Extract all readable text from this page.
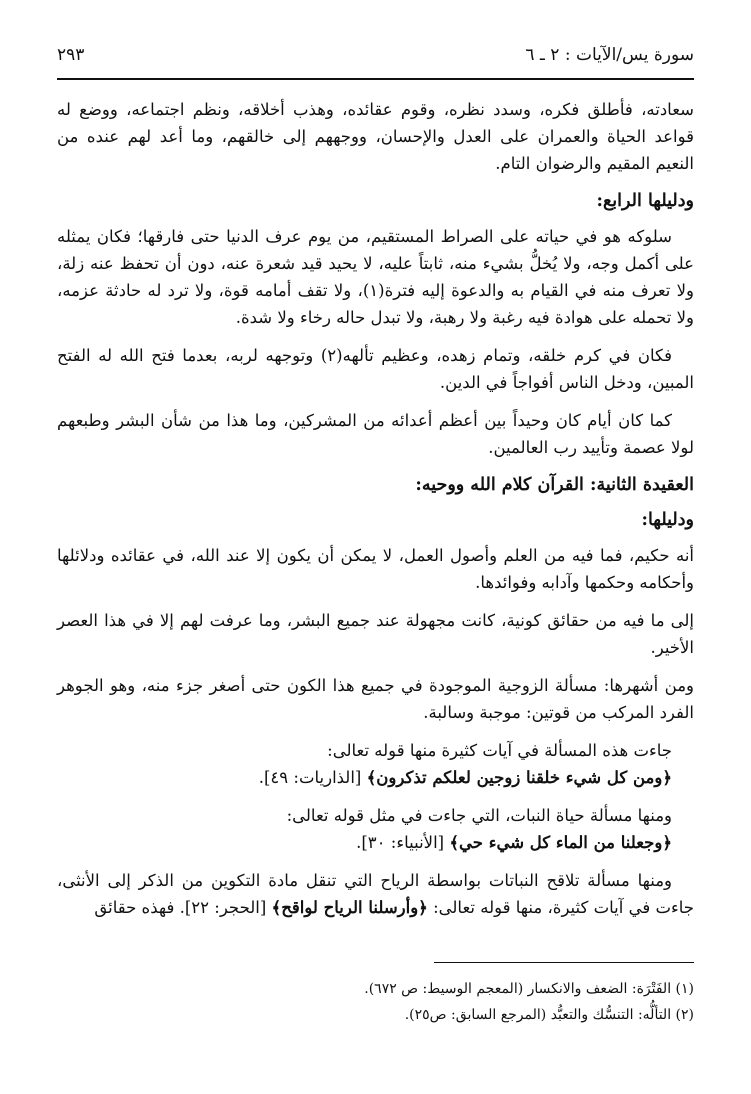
سورة يس/الآيات : ٢ ـ ٦
٢٩٣

سعادته، فأطلق فكره، وسدد نظره، وقوم عقائده، وهذب أخلاقه، ونظم اجتماعه، ووضع له قواعد الحياة والعمران على العدل والإحسان، ووجههم إلى خالقهم، وما أعد لهم عنده من النعيم المقيم والرضوان التام.

ودليلها الرابع:

سلوكه هو في حياته على الصراط المستقيم، من يوم عرف الدنيا حتى فارقها؛ فكان يمثله على أكمل وجه، ولا يُخلُّ بشيء منه، ثابتاً عليه، لا يحيد قيد شعرة عنه، دون أن تحفظ عنه زلة، ولا تعرف منه في القيام به والدعوة إليه فترة(١)، ولا تقف أمامه قوة، ولا ترد له حادثة عزمه، ولا تحمله على هوادة فيه رغبة ولا رهبة، ولا تبدل حاله رخاء ولا شدة.

فكان في كرم خلقه، وتمام زهده، وعظيم تألهه(٢) وتوجهه لربه، بعدما فتح الله له الفتح المبين، ودخل الناس أفواجاً في الدين.

كما كان أيام كان وحيداً بين أعظم أعدائه من المشركين، وما هذا من شأن البشر وطبعهم لولا عصمة وتأييد رب العالمين.

العقيدة الثانية: القرآن كلام الله ووحيه:
ودليلها:

أنه حكيم، فما فيه من العلم وأصول العمل، لا يمكن أن يكون إلا عند الله، في عقائده ودلائلها وأحكامه وحكمها وآدابه وفوائدها.

إلى ما فيه من حقائق كونية، كانت مجهولة عند جميع البشر، وما عرفت لهم إلا في هذا العصر الأخير.

ومن أشهرها: مسألة الزوجية الموجودة في جميع هذا الكون حتى أصغر جزء منه، وهو الجوهر الفرد المركب من قوتين: موجبة وسالبة.

جاءت هذه المسألة في آيات كثيرة منها قوله تعالى:

﴿ومن كل شيء خلقنا زوجين لعلكم تذكرون﴾ [الذاريات: ٤٩].

ومنها مسألة حياة النبات، التي جاءت في مثل قوله تعالى:

﴿وجعلنا من الماء كل شيء حي﴾ [الأنبياء: ٣٠].

ومنها مسألة تلاقح النباتات بواسطة الرياح التي تنقل مادة التكوين من الذكر إلى الأنثى، جاءت في آيات كثيرة، منها قوله تعالى: ﴿وأرسلنا الرياح لواقح﴾ [الحجر: ٢٢]. فهذه حقائق

(١) الفَتْرَة: الضعف والانكسار (المعجم الوسيط: ص ٦٧٢).
(٢) التألُّه: التنسُّك والتعبُّد (المرجع السابق: ص٢٥).
